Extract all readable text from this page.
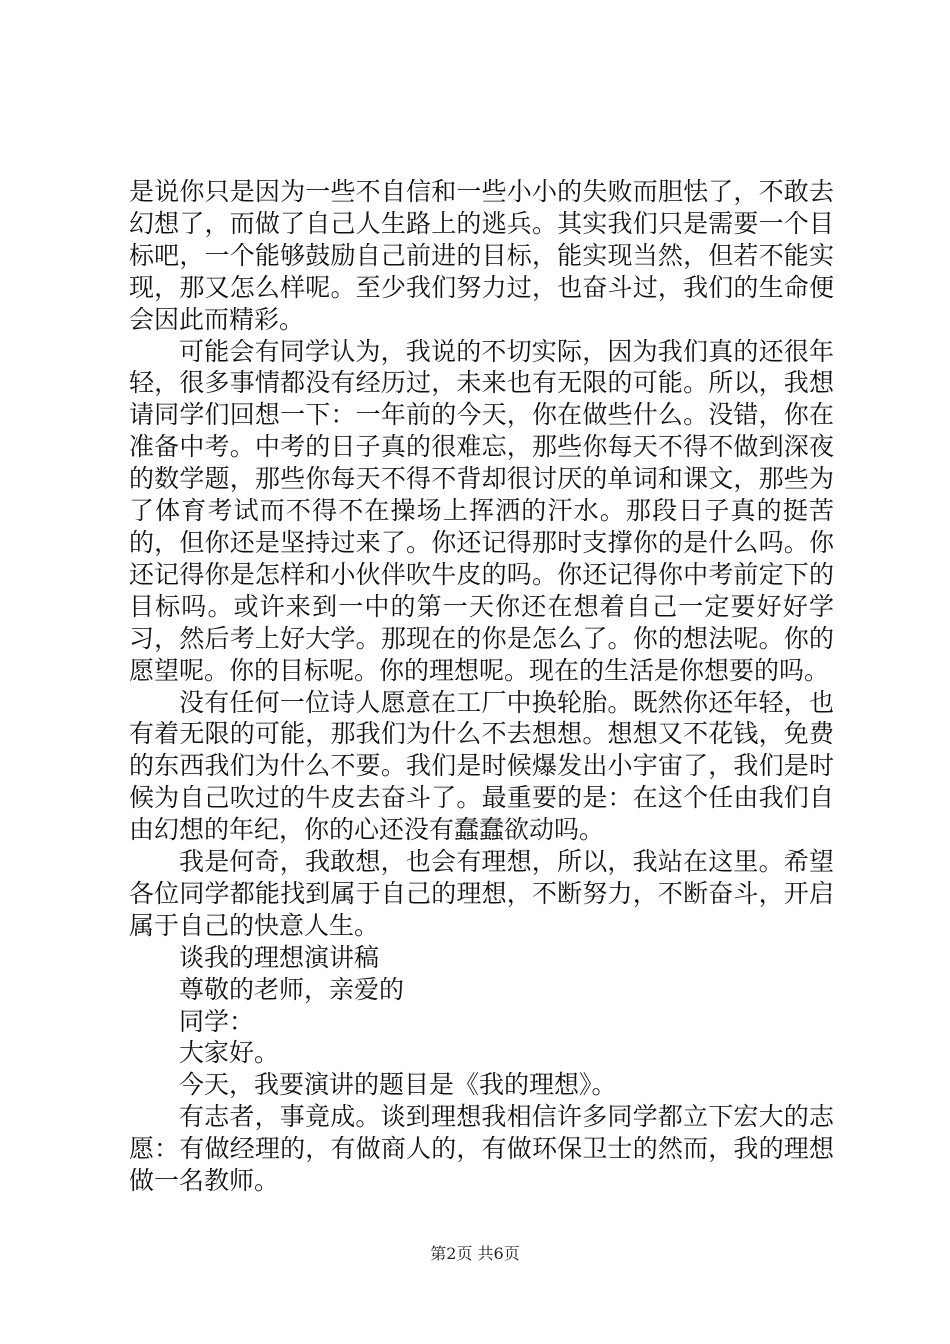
是说你只是因为一些不自信和一些小小的失败而胆怯了，不敢去幻想了，而做了自己人生路上的逃兵。其实我们只是需要一个目标吧，一个能够鼓励自己前进的目标，能实现当然，但若不能实现，那又怎么样呢。至少我们努力过，也奋斗过，我们的生命便会因此而精彩。

可能会有同学认为，我说的不切实际，因为我们真的还很年轻，很多事情都没有经历过，未来也有无限的可能。所以，我想请同学们回想一下：一年前的今天，你在做些什么。没错，你在准备中考。中考的日子真的很难忘，那些你每天不得不做到深夜的数学题，那些你每天不得不背却很讨厌的单词和课文，那些为了体育考试而不得不在操场上挥洒的汗水。那段日子真的挺苦的，但你还是坚持过来了。你还记得那时支撑你的是什么吗。你还记得你是怎样和小伙伴吹牛皮的吗。你还记得你中考前定下的目标吗。或许来到一中的第一天你还在想着自己一定要好好学习，然后考上好大学。那现在的你是怎么了。你的想法呢。你的愿望呢。你的目标呢。你的理想呢。现在的生活是你想要的吗。

没有任何一位诗人愿意在工厂中换轮胎。既然你还年轻，也有着无限的可能，那我们为什么不去想想。想想又不花钱，免费的东西我们为什么不要。我们是时候爆发出小宇宙了，我们是时候为自己吹过的牛皮去奋斗了。最重要的是：在这个任由我们自由幻想的年纪，你的心还没有蠢蠢欲动吗。

我是何奇，我敢想，也会有理想，所以，我站在这里。希望各位同学都能找到属于自己的理想，不断努力，不断奋斗，开启属于自己的快意人生。

谈我的理想演讲稿

尊敬的老师，亲爱的

同学：

大家好。

今天，我要演讲的题目是《我的理想》。

有志者，事竟成。谈到理想我相信许多同学都立下宏大的志愿：有做经理的，有做商人的，有做环保卫士的然而，我的理想做一名教师。

第2页 共6页
